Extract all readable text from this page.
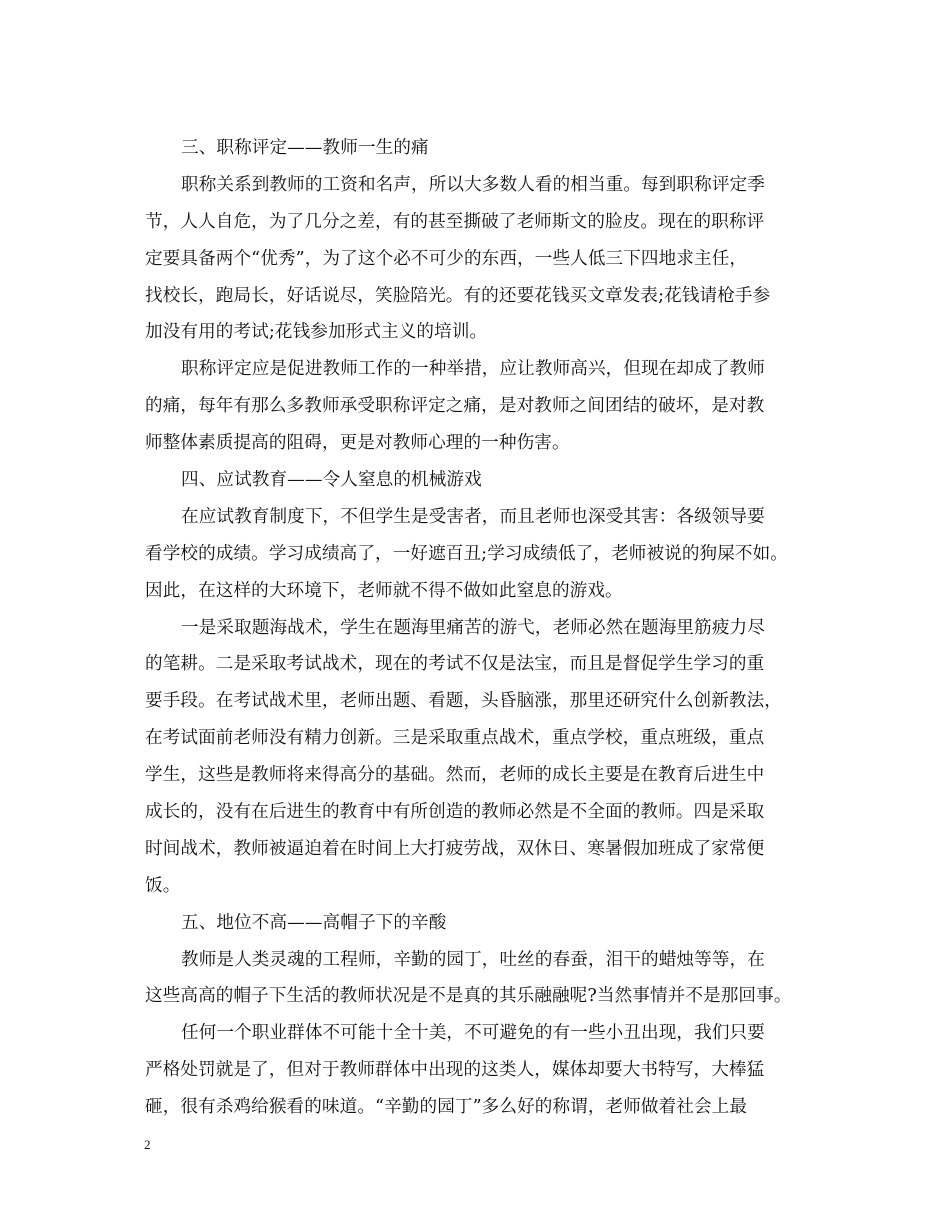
三、职称评定——教师一生的痛
职称关系到教师的工资和名声，所以大多数人看的相当重。每到职称评定季
节，人人自危，为了几分之差，有的甚至撕破了老师斯文的脸皮。现在的职称评
定要具备两个“优秀”，为了这个必不可少的东西，一些人低三下四地求主任，
找校长，跑局长，好话说尽，笑脸陪光。有的还要花钱买文章发表;花钱请枪手参
加没有用的考试;花钱参加形式主义的培训。
职称评定应是促进教师工作的一种举措，应让教师高兴，但现在却成了教师
的痛，每年有那么多教师承受职称评定之痛，是对教师之间团结的破坏，是对教
师整体素质提高的阻碍，更是对教师心理的一种伤害。
四、应试教育——令人窒息的机械游戏
在应试教育制度下，不但学生是受害者，而且老师也深受其害：各级领导要
看学校的成绩。学习成绩高了，一好遮百丑;学习成绩低了，老师被说的狗屎不如。
因此，在这样的大环境下，老师就不得不做如此窒息的游戏。
一是采取题海战术，学生在题海里痛苦的游弋，老师必然在题海里筋疲力尽
的笔耕。二是采取考试战术，现在的考试不仅是法宝，而且是督促学生学习的重
要手段。在考试战术里，老师出题、看题，头昏脑涨，那里还研究什么创新教法，
在考试面前老师没有精力创新。三是采取重点战术，重点学校，重点班级，重点
学生，这些是教师将来得高分的基础。然而，老师的成长主要是在教育后进生中
成长的，没有在后进生的教育中有所创造的教师必然是不全面的教师。四是采取
时间战术，教师被逼迫着在时间上大打疲劳战，双休日、寒暑假加班成了家常便
饭。
五、地位不高——高帽子下的辛酸
教师是人类灵魂的工程师，辛勤的园丁，吐丝的春蚕，泪干的蜡烛等等，在
这些高高的帽子下生活的教师状况是不是真的其乐融融呢?当然事情并不是那回事。
任何一个职业群体不可能十全十美，不可避免的有一些小丑出现，我们只要
严格处罚就是了，但对于教师群体中出现的这类人，媒体却要大书特写，大棒猛
砸，很有杀鸡给猴看的味道。“辛勤的园丁”多么好的称谓，老师做着社会上最
2
